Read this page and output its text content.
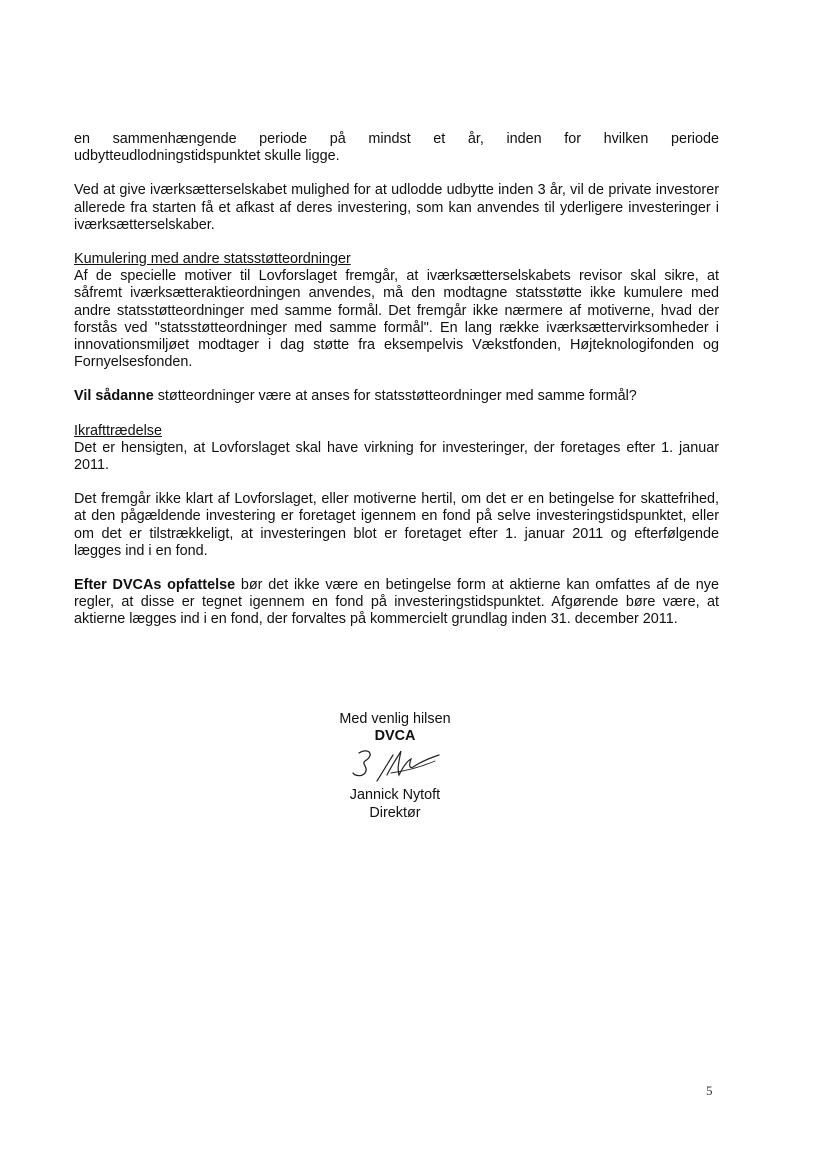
en sammenhængende periode på mindst et år, inden for hvilken periode udbytteudlodningstidspunktet skulle ligge.

Ved at give iværksætterselskabet mulighed for at udlodde udbytte inden 3 år, vil de private investorer allerede fra starten få et afkast af deres investering, som kan anvendes til yderligere investeringer i iværksætterselskaber.

Kumulering med andre statsstøtteordninger
Af de specielle motiver til Lovforslaget fremgår, at iværksætterselskabets revisor skal sikre, at såfremt iværksætteraktieordningen anvendes, må den modtagne statsstøtte ikke kumulere med andre statsstøtteordninger med samme formål. Det fremgår ikke nærmere af motiverne, hvad der forstås ved "statsstøtteordninger med samme formål". En lang række iværksættervirksomheder i innovationsmiljøet modtager i dag støtte fra eksempelvis Vækstfonden, Højteknologifonden og Fornyelsesfonden.

Vil sådanne støtteordninger være at anses for statsstøtteordninger med samme formål?

Ikrafttrædelse
Det er hensigten, at Lovforslaget skal have virkning for investeringer, der foretages efter 1. januar 2011.

Det fremgår ikke klart af Lovforslaget, eller motiverne hertil, om det er en betingelse for skattefrihed, at den pågældende investering er foretaget igennem en fond på selve investeringstidspunktet, eller om det er tilstrækkeligt, at investeringen blot er foretaget efter 1. januar 2011 og efterfølgende lægges ind i en fond.

Efter DVCAs opfattelse bør det ikke være en betingelse form at aktierne kan omfattes af de nye regler, at disse er tegnet igennem en fond på investeringstidspunktet. Afgørende børe være, at aktierne lægges ind i en fond, der forvaltes på kommercielt grundlag inden 31. december 2011.

Med venlig hilsen
DVCA
Jannick Nytoft
Direktør
5
